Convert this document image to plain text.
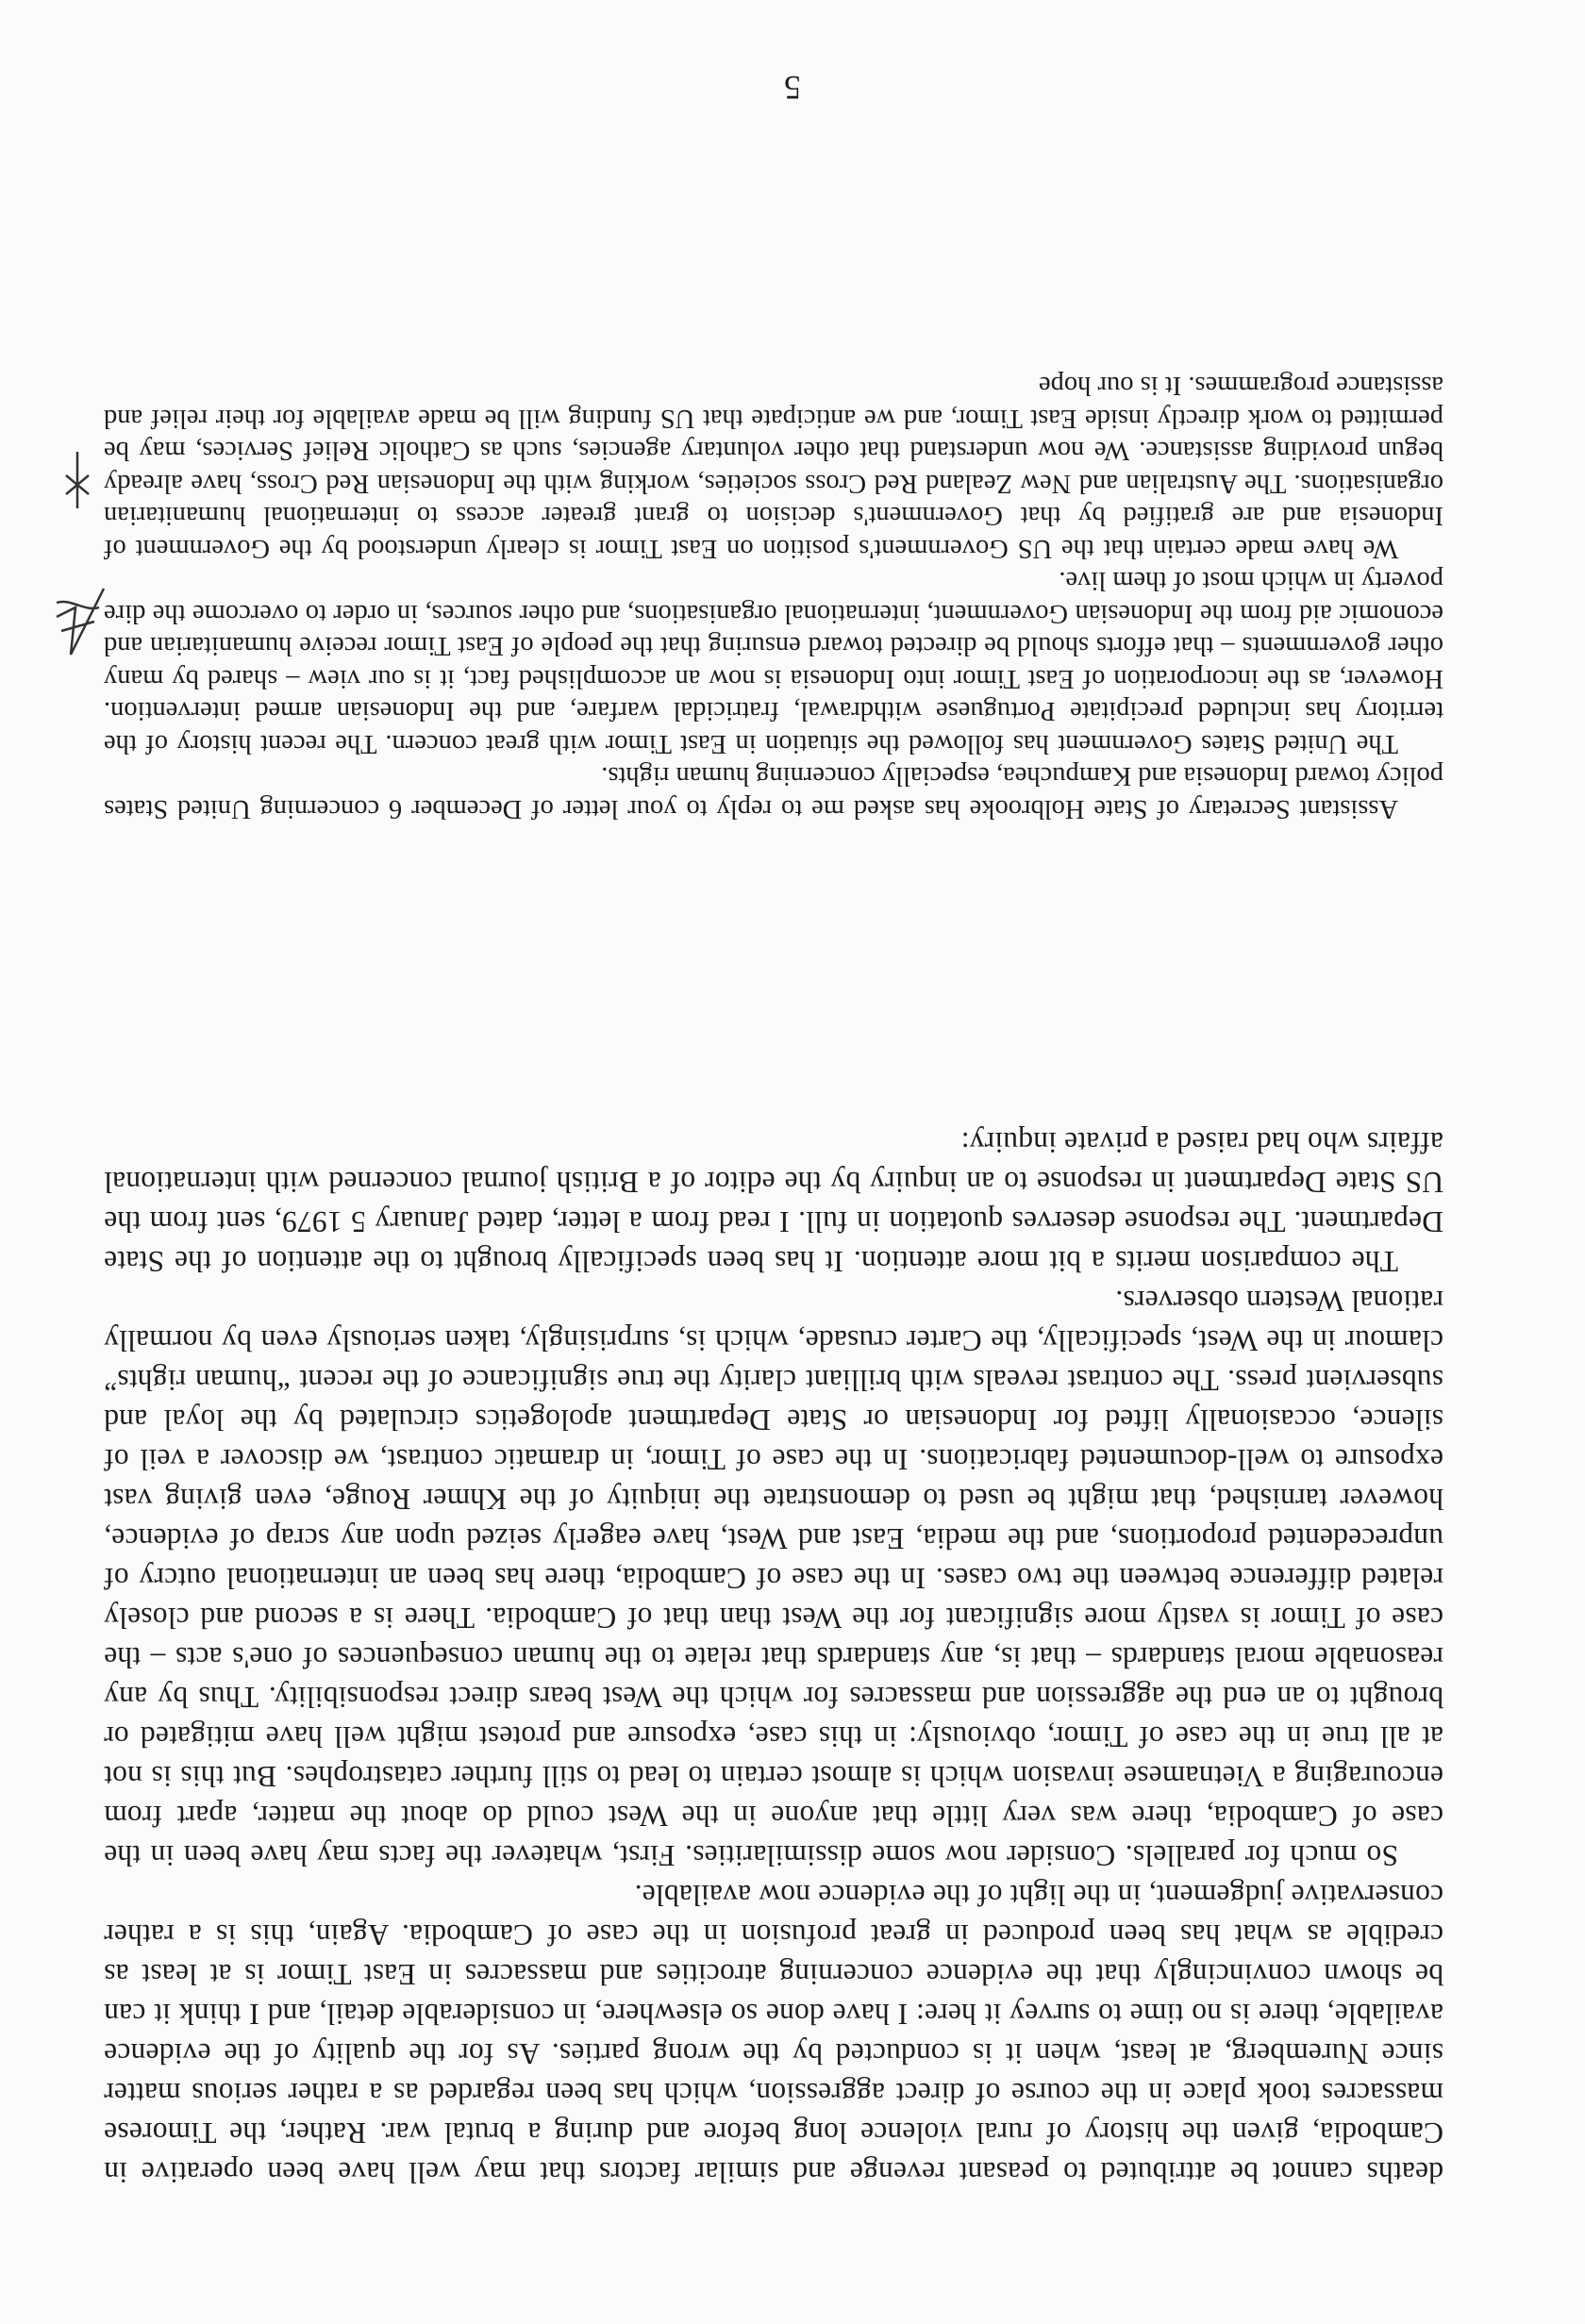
deaths cannot be attributed to peasant revenge and similar factors that may well have been operative in Cambodia, given the history of rural violence long before and during a brutal war. Rather, the Timorese massacres took place in the course of direct aggression, which has been regarded as a rather serious matter since Nuremberg, at least, when it is conducted by the wrong parties. As for the quality of the evidence available, there is no time to survey it here: I have done so elsewhere, in considerable detail, and I think it can be shown convincingly that the evidence concerning atrocities and massacres in East Timor is at least as credible as what has been produced in great profusion in the case of Cambodia. Again, this is a rather conservative judgement, in the light of the evidence now available.

So much for parallels. Consider now some dissimilarities. First, whatever the facts may have been in the case of Cambodia, there was very little that anyone in the West could do about the matter, apart from encouraging a Vietnamese invasion which is almost certain to lead to still further catastrophes. But this is not at all true in the case of Timor, obviously: in this case, exposure and protest might well have mitigated or brought to an end the aggression and massacres for which the West bears direct responsibility. Thus by any reasonable moral standards – that is, any standards that relate to the human consequences of one's acts – the case of Timor is vastly more significant for the West than that of Cambodia. There is a second and closely related difference between the two cases. In the case of Cambodia, there has been an international outcry of unprecedented proportions, and the media, East and West, have eagerly seized upon any scrap of evidence, however tarnished, that might be used to demonstrate the iniquity of the Khmer Rouge, even giving vast exposure to well-documented fabrications. In the case of Timor, in dramatic contrast, we discover a veil of silence, occasionally lifted for Indonesian or State Department apologetics circulated by the loyal and subservient press. The contrast reveals with brilliant clarity the true significance of the recent “human rights” clamour in the West, specifically, the Carter crusade, which is, surprisingly, taken seriously even by normally rational Western observers.

The comparison merits a bit more attention. It has been specifically brought to the attention of the State Department. The response deserves quotation in full. I read from a letter, dated January 5 1979, sent from the US State Department in response to an inquiry by the editor of a British journal concerned with international affairs who had raised a private inquiry:

Assistant Secretary of State Holbrooke has asked me to reply to your letter of December 6 concerning United States policy toward Indonesia and Kampuchea, especially concerning human rights.

The United States Government has followed the situation in East Timor with great concern. The recent history of the territory has included precipitate Portuguese withdrawal, fratricidal warfare, and the Indonesian armed intervention. However, as the incorporation of East Timor into Indonesia is now an accomplished fact, it is our view – shared by many other governments – that efforts should be directed toward ensuring that the people of East Timor receive humanitarian and economic aid from the Indonesian Government, international organisations, and other sources, in order to overcome the dire poverty in which most of them live.

We have made certain that the US Government's position on East Timor is clearly understood by the Government of Indonesia and are gratified by that Government's decision to grant greater access to international humanitarian organisations. The Australian and New Zealand Red Cross societies, working with the Indonesian Red Cross, have already begun providing assistance. We now understand that other voluntary agencies, such as Catholic Relief Services, may be permitted to work directly inside East Timor, and we anticipate that US funding will be made available for their relief and assistance programmes. It is our hope

5
